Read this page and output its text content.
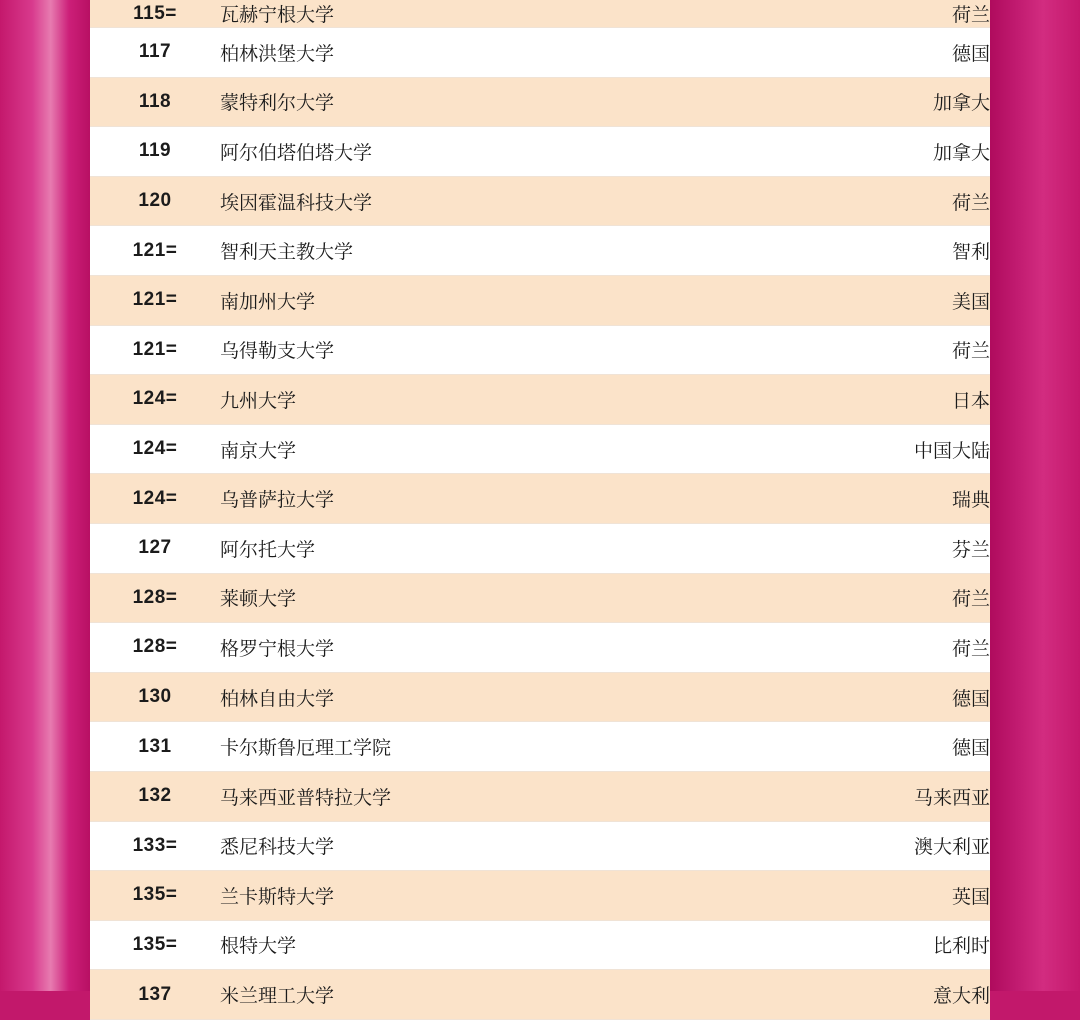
启德留学
EIC EDUCATION
115=	瓦赫宁根大学	荷兰
117	柏林洪堡大学	德国
118	蒙特利尔大学	加拿大
119	阿尔伯塔伯塔大学	加拿大
120	埃因霍温科技大学	荷兰
121=	智利天主教大学	智利
121=	南加州大学	美国
121=	乌得勒支大学	荷兰
124=	九州大学	日本
124=	南京大学	中国大陆
124=	乌普萨拉大学	瑞典
127	阿尔托大学	芬兰
128=	莱顿大学	荷兰
128=	格罗宁根大学	荷兰
130	柏林自由大学	德国
131	卡尔斯鲁厄理工学院	德国
132	马来西亚普特拉大学	马来西亚
133=	悉尼科技大学	澳大利亚
135=	兰卡斯特大学	英国
135=	根特大学	比利时
137	米兰理工大学	意大利
